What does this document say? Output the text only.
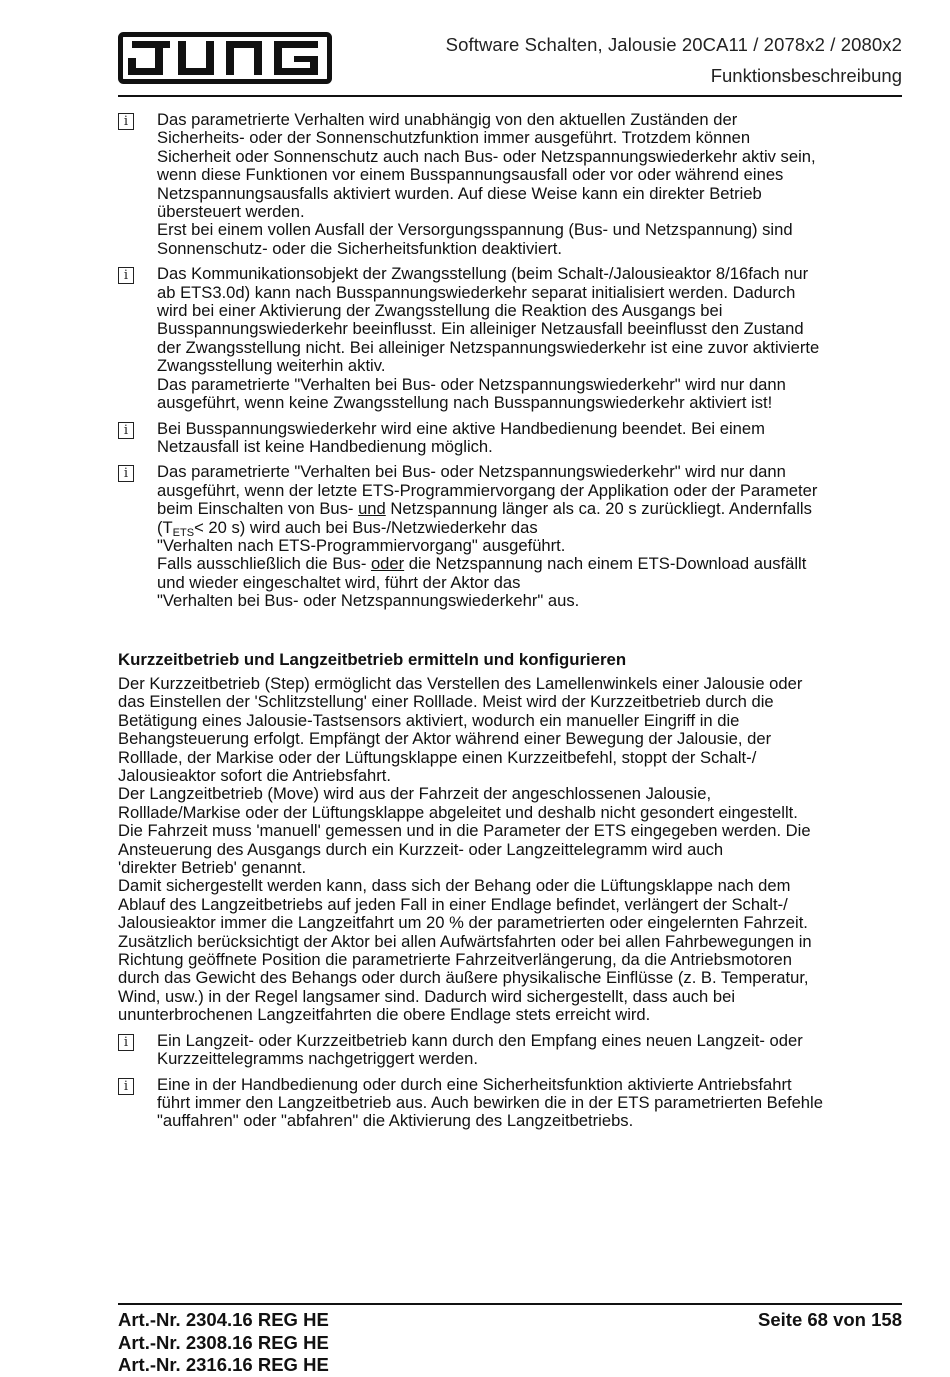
Software Schalten, Jalousie 20CA11 / 2078x2 / 2080x2
Funktionsbeschreibung
i	Das parametrierte Verhalten wird unabhängig von den aktuellen Zuständen der
Sicherheits- oder der Sonnenschutzfunktion immer ausgeführt. Trotzdem können
Sicherheit oder Sonnenschutz auch nach Bus- oder Netzspannungswiederkehr aktiv sein,
wenn diese Funktionen vor einem Busspannungsausfall oder vor oder während eines
Netzspannungsausfalls aktiviert wurden. Auf diese Weise kann ein direkter Betrieb
übersteuert werden.
Erst bei einem vollen Ausfall der Versorgungsspannung (Bus- und Netzspannung) sind
Sonnenschutz- oder die Sicherheitsfunktion deaktiviert.

i	Das Kommunikationsobjekt der Zwangsstellung (beim Schalt-/Jalousieaktor 8/16fach nur
ab ETS3.0d) kann nach Busspannungswiederkehr separat initialisiert werden. Dadurch
wird bei einer Aktivierung der Zwangsstellung die Reaktion des Ausgangs bei
Busspannungswiederkehr beeinflusst. Ein alleiniger Netzausfall beeinflusst den Zustand
der Zwangsstellung nicht. Bei alleiniger Netzspannungswiederkehr ist eine zuvor aktivierte
Zwangsstellung weiterhin aktiv.
Das parametrierte "Verhalten bei Bus- oder Netzspannungswiederkehr" wird nur dann
ausgeführt, wenn keine Zwangsstellung nach Busspannungswiederkehr aktiviert ist!

i	Bei Busspannungswiederkehr wird eine aktive Handbedienung beendet. Bei einem
Netzausfall ist keine Handbedienung möglich.

i	Das parametrierte "Verhalten bei Bus- oder Netzspannungswiederkehr" wird nur dann
ausgeführt, wenn der letzte ETS-Programmiervorgang der Applikation oder der Parameter
beim Einschalten von Bus- und Netzspannung länger als ca. 20 s zurückliegt. Andernfalls
($T_{ETS}< 20$ s) wird auch bei Bus-/Netzwiederkehr das
"Verhalten nach ETS-Programmiervorgang" ausgeführt.
Falls ausschließlich die Bus- oder die Netzspannung nach einem ETS-Download ausfällt
und wieder eingeschaltet wird, führt der Aktor das
"Verhalten bei Bus- oder Netzspannungswiederkehr" aus.

Kurzzeitbetrieb und Langzeitbetrieb ermitteln und konfigurieren

Der Kurzzeitbetrieb (Step) ermöglicht das Verstellen des Lamellenwinkels einer Jalousie oder
das Einstellen der 'Schlitzstellung' einer Rolllade. Meist wird der Kurzzeitbetrieb durch die
Betätigung eines Jalousie-Tastsensors aktiviert, wodurch ein manueller Eingriff in die
Behangsteuerung erfolgt. Empfängt der Aktor während einer Bewegung der Jalousie, der
Rolllade, der Markise oder der Lüftungsklappe einen Kurzzeitbefehl, stoppt der Schalt-/
Jalousieaktor sofort die Antriebsfahrt.
Der Langzeitbetrieb (Move) wird aus der Fahrzeit der angeschlossenen Jalousie,
Rolllade/Markise oder der Lüftungsklappe abgeleitet und deshalb nicht gesondert eingestellt.
Die Fahrzeit muss 'manuell' gemessen und in die Parameter der ETS eingegeben werden. Die
Ansteuerung des Ausgangs durch ein Kurzzeit- oder Langzeittelegramm wird auch
'direkter Betrieb' genannt.
Damit sichergestellt werden kann, dass sich der Behang oder die Lüftungsklappe nach dem
Ablauf des Langzeitbetriebs auf jeden Fall in einer Endlage befindet, verlängert der Schalt-/
Jalousieaktor immer die Langzeitfahrt um 20 % der parametrierten oder eingelernten Fahrzeit.
Zusätzlich berücksichtigt der Aktor bei allen Aufwärtsfahrten oder bei allen Fahrbewegungen in
Richtung geöffnete Position die parametrierte Fahrzeitverlängerung, da die Antriebsmotoren
durch das Gewicht des Behangs oder durch äußere physikalische Einflüsse (z. B. Temperatur,
Wind, usw.) in der Regel langsamer sind. Dadurch wird sichergestellt, dass auch bei
ununterbrochenen Langzeitfahrten die obere Endlage stets erreicht wird.

i	Ein Langzeit- oder Kurzzeitbetrieb kann durch den Empfang eines neuen Langzeit- oder
Kurzzeittelegramms nachgetriggert werden.

i	Eine in der Handbedienung oder durch eine Sicherheitsfunktion aktivierte Antriebsfahrt
führt immer den Langzeitbetrieb aus. Auch bewirken die in der ETS parametrierten Befehle
"auffahren" oder "abfahren" die Aktivierung des Langzeitbetriebs.

Art.-Nr. 2304.16 REG HE
Art.-Nr. 2308.16 REG HE
Art.-Nr. 2316.16 REG HE
Seite 68 von 158
